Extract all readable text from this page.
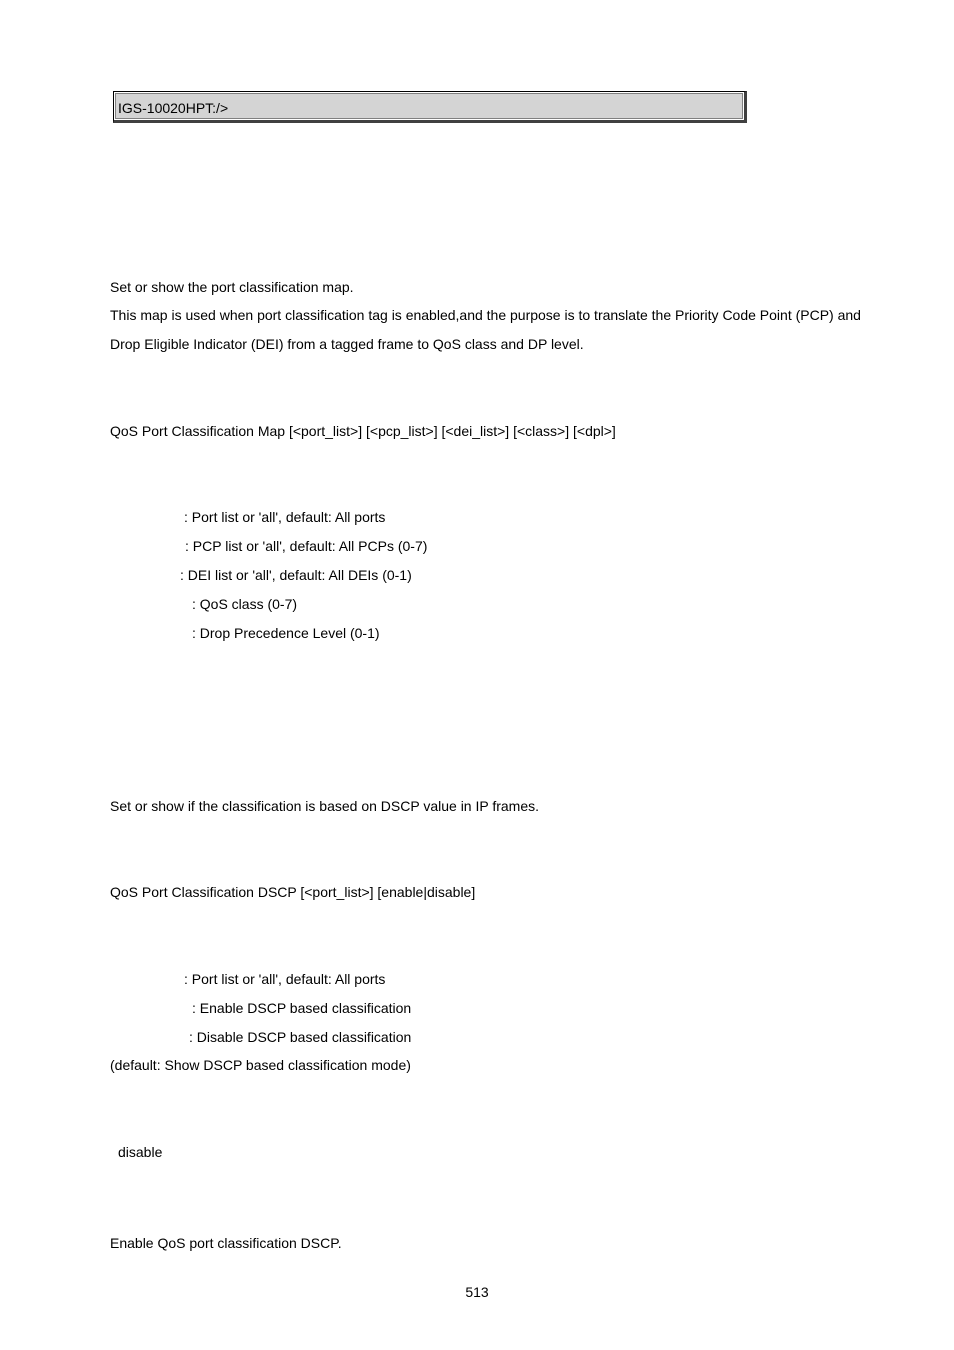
IGS-10020HPT:/>
Set or show the port classification map.
This map is used when port classification tag is enabled,and the purpose is to translate the Priority Code Point (PCP) and
Drop Eligible Indicator (DEI) from a tagged frame to QoS class and DP level.
QoS Port Classification Map [<port_list>] [<pcp_list>] [<dei_list>] [<class>] [<dpl>]
: Port list or 'all', default: All ports
: PCP list or 'all', default: All PCPs (0-7)
: DEI list or 'all', default: All DEIs (0-1)
: QoS class (0-7)
: Drop Precedence Level (0-1)
Set or show if the classification is based on DSCP value in IP frames.
QoS Port Classification DSCP [<port_list>] [enable|disable]
: Port list or 'all', default: All ports
: Enable DSCP based classification
: Disable DSCP based classification
(default: Show DSCP based classification mode)
disable
Enable QoS port classification DSCP.
513
